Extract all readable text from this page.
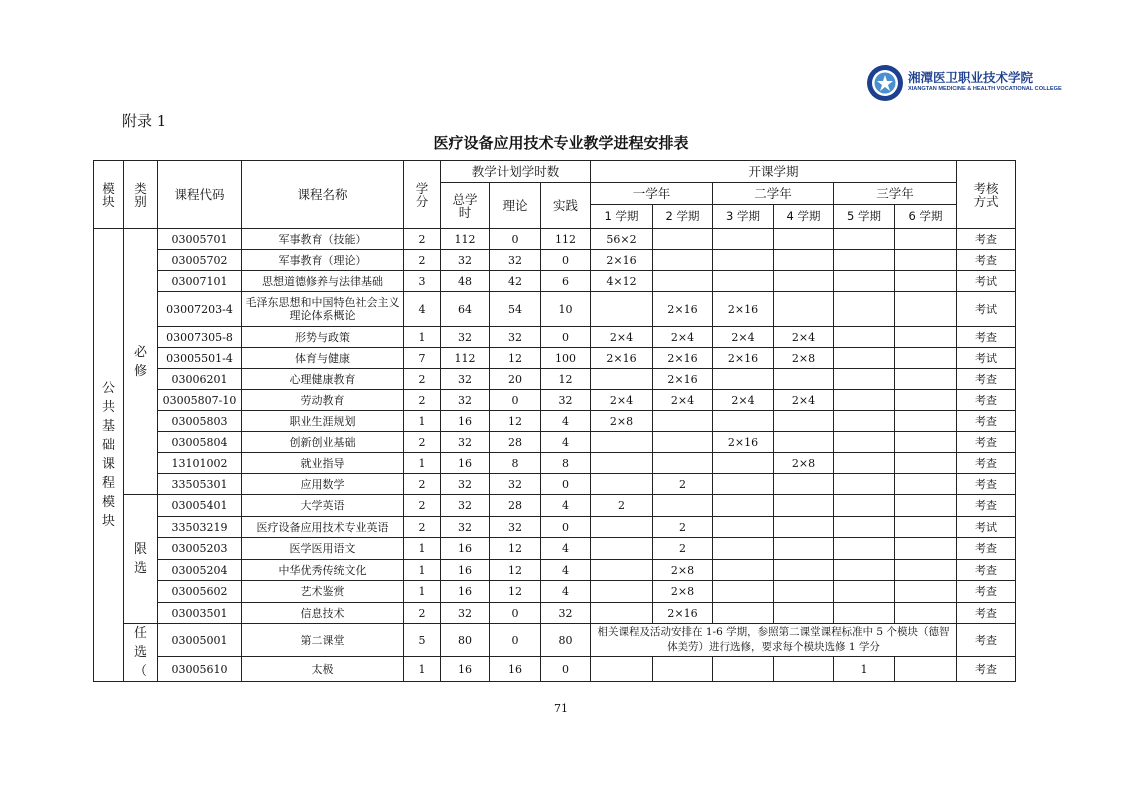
湘潭医卫职业技术学院
XIANGTAN MEDICINE & HEALTH VOCATIONAL COLLEGE
附录 1
医疗设备应用技术专业教学进程安排表
模块	类别	课程代码	课程名称	学分	教学计划学时数			开课学期						考核方式
					总学时	理论	实践	一学年		二学年		三学年		
								1 学期	2 学期	3 学期	4 学期	5 学期	6 学期	
公共基础课程模块	必修	03005701	军事教育（技能）	2	112	0	112	56×2						考查
		03005702	军事教育（理论）	2	32	32	0	2×16						考查
		03007101	思想道德修养与法律基础	3	48	42	6	4×12						考试
		03007203-4	毛泽东思想和中国特色社会主义理论体系概论	4	64	54	10		2×16	2×16				考试
		03007305-8	形势与政策	1	32	32	0	2×4	2×4	2×4	2×4			考查
		03005501-4	体育与健康	7	112	12	100	2×16	2×16	2×16	2×8			考试
		03006201	心理健康教育	2	32	20	12		2×16					考查
		03005807-10	劳动教育	2	32	0	32	2×4	2×4	2×4	2×4			考查
		03005803	职业生涯规划	1	16	12	4	2×8						考查
		03005804	创新创业基础	2	32	28	4			2×16				考查
		13101002	就业指导	1	16	8	8				2×8			考查
		33505301	应用数学	2	32	32	0		2					考查
	限选	03005401	大学英语	2	32	28	4	2						考查
		33503219	医疗设备应用技术专业英语	2	32	32	0		2					考试
		03005203	医学医用语文	1	16	12	4		2					考查
		03005204	中华优秀传统文化	1	16	12	4		2×8					考查
		03005602	艺术鉴赏	1	16	12	4		2×8					考查
		03003501	信息技术	2	32	0	32		2×16					考查
	任选（	03005001	第二课堂	5	80	0	80	相关课程及活动安排在 1-6 学期，参照第二课堂课程标准中 5 个模块（德智体美劳）进行选修，要求每个模块选修 1 学分						考查
		03005610	太极	1	16	16	0					1		考查
71
